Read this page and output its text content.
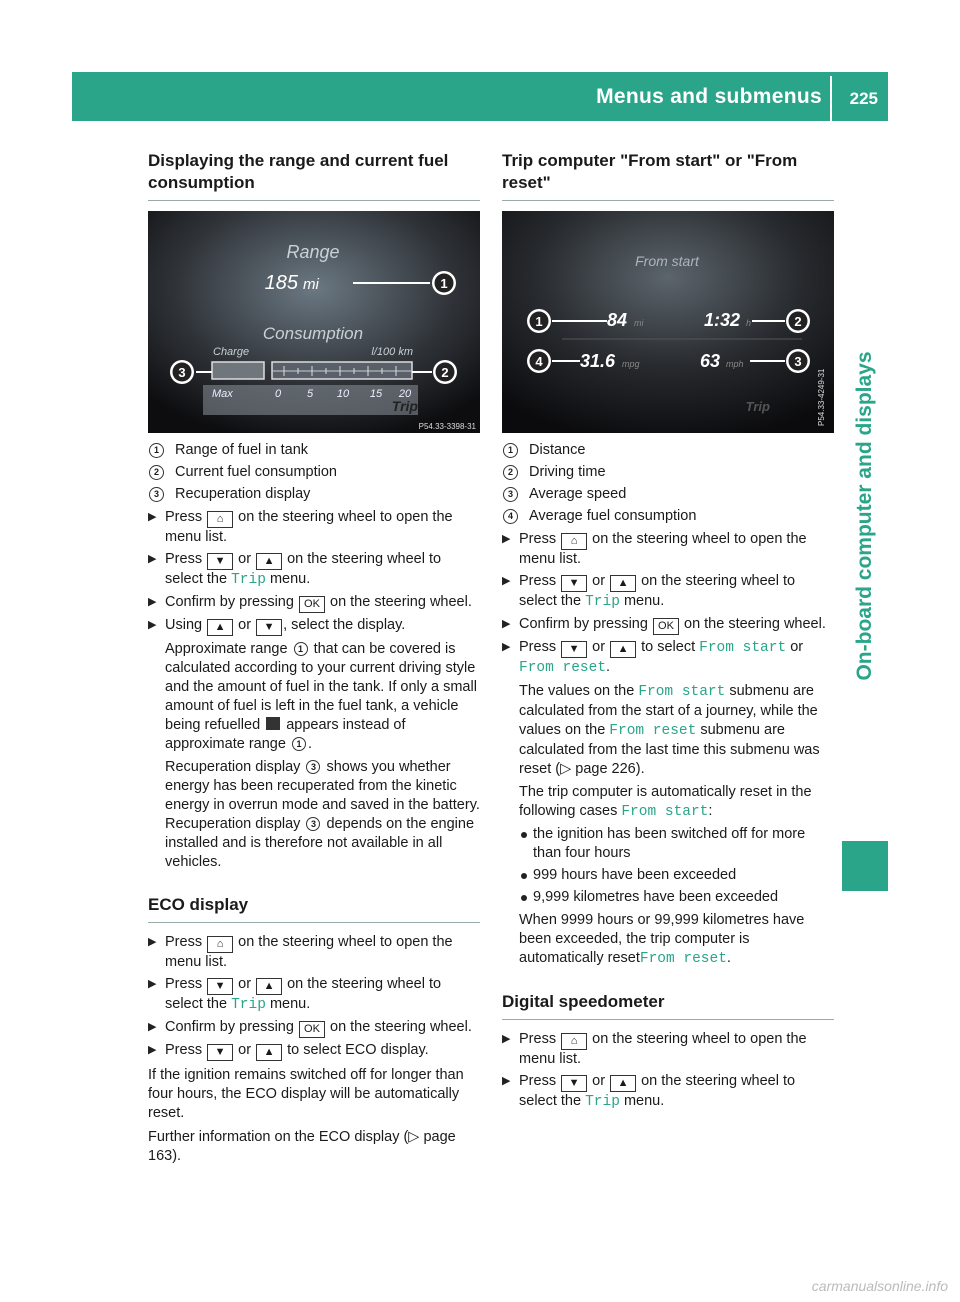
Menus and submenus 225
On-board computer and displays
Displaying the range and current fuel consumption
Range
185 mi	1
Consumption
Charge	l/100 km
3	2
Max	0 5 10 15 20
Trip
P54.33-3398-31
1	Range of fuel in tank
2	Current fuel consumption
3	Recuperation display
▶ Press ⌂ on the steering wheel to open the menu list.
▶ Press ▼ or ▲ on the steering wheel to select the Trip menu.
▶ Confirm by pressing OK on the steering wheel.
▶ Using ▲ or ▼ , select the display.
Approximate range 1 that can be covered is calculated according to your current driving style and the amount of fuel in the tank. If only a small amount of fuel is left in the fuel tank, a vehicle being refuelled appears instead of approximate range 1 .
Recuperation display 3 shows you whether energy has been recuperated from the kinetic energy in overrun mode and saved in the battery. Recuperation display 3 depends on the engine installed and is therefore not available in all vehicles.
ECO display
▶ Press ⌂ on the steering wheel to open the menu list.
▶ Press ▼ or ▲ on the steering wheel to select the Trip menu.
▶ Confirm by pressing OK on the steering wheel.
▶ Press ▼ or ▲ to select ECO display.
If the ignition remains switched off for longer than four hours, the ECO display will be automatically reset.
Further information on the ECO display (▷ page 163).
Trip computer "From start" or "From reset"
From start
1	84 mi	1:32 h	2
4 31.6 mpg	63 mph	3
Trip	P54.33-4249-31
1	Distance
2	Driving time
3	Average speed
4	Average fuel consumption
▶ Press ⌂ on the steering wheel to open the menu list.
▶ Press ▼ or ▲ on the steering wheel to select the Trip menu.
▶ Confirm by pressing OK on the steering wheel.
▶ Press ▼ or ▲ to select From start or From reset.
The values on the From start submenu are calculated from the start of a journey, while the values on the From reset submenu are calculated from the last time this submenu was reset (▷ page 226).
The trip computer is automatically reset in the following cases From start:
the ignition has been switched off for more than four hours
999 hours have been exceeded
9,999 kilometres have been exceeded
When 9999 hours or 99,999 kilometres have been exceeded, the trip computer is automatically resetFrom reset.
Digital speedometer
▶ Press ⌂ on the steering wheel to open the menu list.
▶ Press ▼ or ▲ on the steering wheel to select the Trip menu.
carmanualsonline.info
